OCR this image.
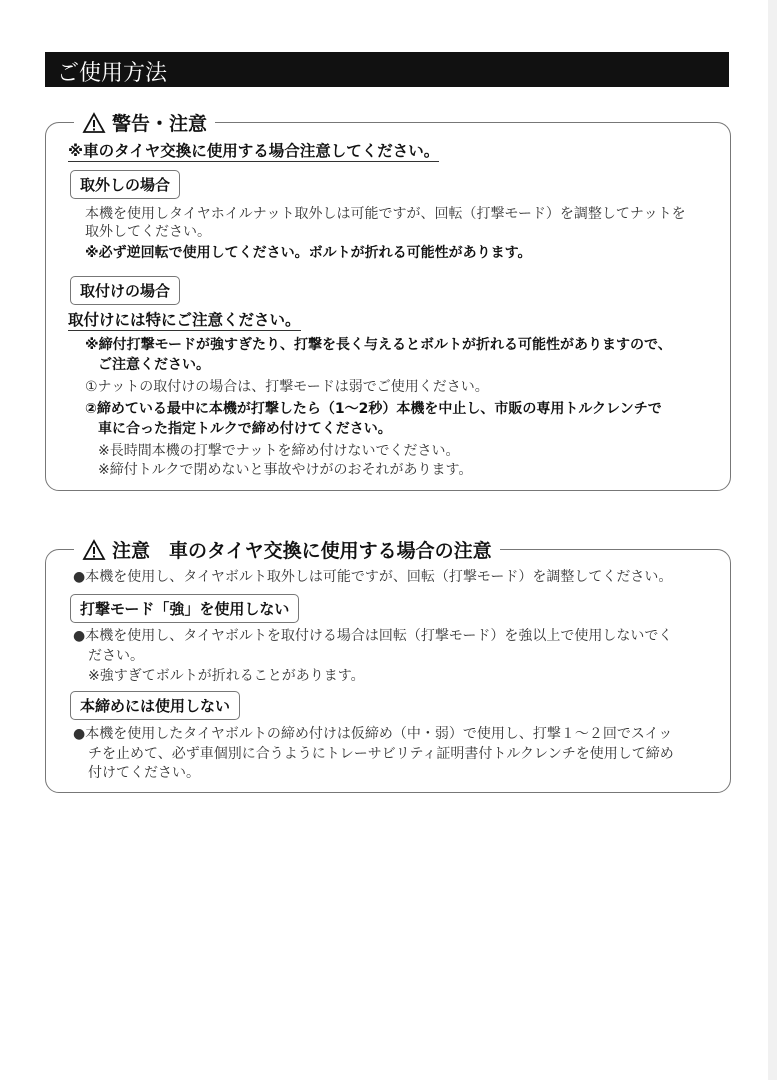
ご使用方法
警告・注意
※車のタイヤ交換に使用する場合注意してください。
取外しの場合
本機を使用しタイヤホイルナット取外しは可能ですが、回転（打撃モード）を調整してナットを
取外してください。
※必ず逆回転で使用してください。ボルトが折れる可能性があります。
取付けの場合
取付けには特にご注意ください。
※締付打撃モードが強すぎたり、打撃を長く与えるとボルトが折れる可能性がありますので、
ご注意ください。
①ナットの取付けの場合は、打撃モードは弱でご使用ください。
②締めている最中に本機が打撃したら（1〜2秒）本機を中止し、市販の専用トルクレンチで
車に合った指定トルクで締め付けてください。
※長時間本機の打撃でナットを締め付けないでください。
※締付トルクで閉めないと事故やけがのおそれがあります。
注意　車のタイヤ交換に使用する場合の注意
●本機を使用し、タイヤボルト取外しは可能ですが、回転（打撃モード）を調整してください。
打撃モード「強」を使用しない
●本機を使用し、タイヤボルトを取付ける場合は回転（打撃モード）を強以上で使用しないでく
ださい。
※強すぎてボルトが折れることがあります。
本締めには使用しない
●本機を使用したタイヤボルトの締め付けは仮締め（中・弱）で使用し、打撃１〜２回でスイッ
チを止めて、必ず車個別に合うようにトレーサビリティ証明書付トルクレンチを使用して締め
付けてください。
